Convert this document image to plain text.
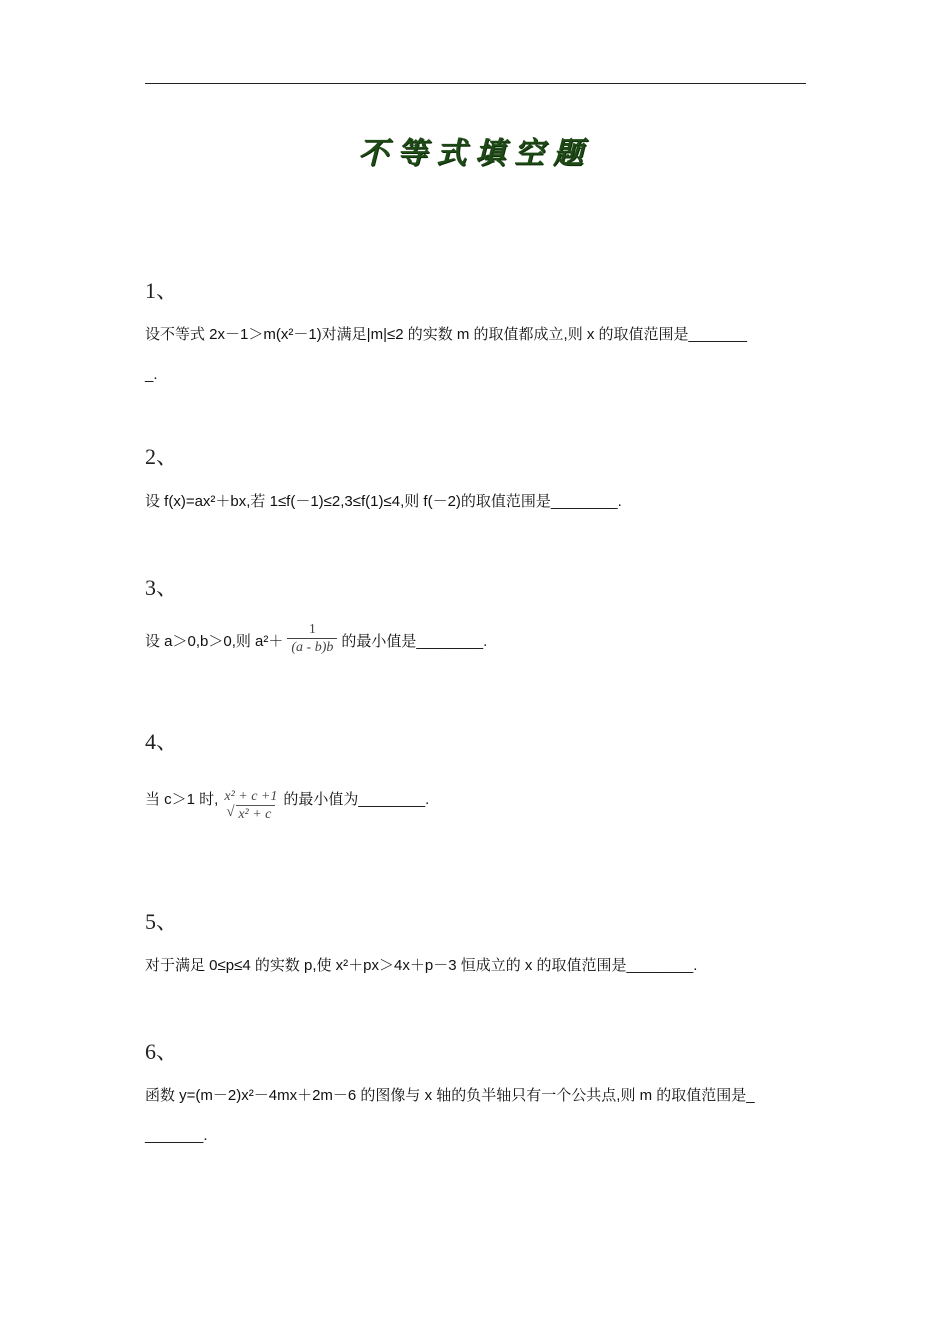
不等式填空题
1、
设不等式 2x－1＞m(x²－1)对满足|m|≤2 的实数 m 的取值都成立,则 x 的取值范围是_______
_.
2、
设 f(x)=ax²＋bx,若 1≤f(－1)≤2,3≤f(1)≤4,则 f(－2)的取值范围是________.
3、
设 a＞0,b＞0,则 $a^2+ \frac{1}{(a - b)b}$ 的最小值是________.
4、
当 c＞1 时, x² + c +1
√ x² + c
的最小值为________.
5、
对于满足 0≤p≤4 的实数 p,使 x²＋px＞4x＋p－3 恒成立的 x 的取值范围是________.
6、
函数 y=(m－2)x²－4mx＋2m－6 的图像与 x 轴的负半轴只有一个公共点,则 m 的取值范围是_
_______.
